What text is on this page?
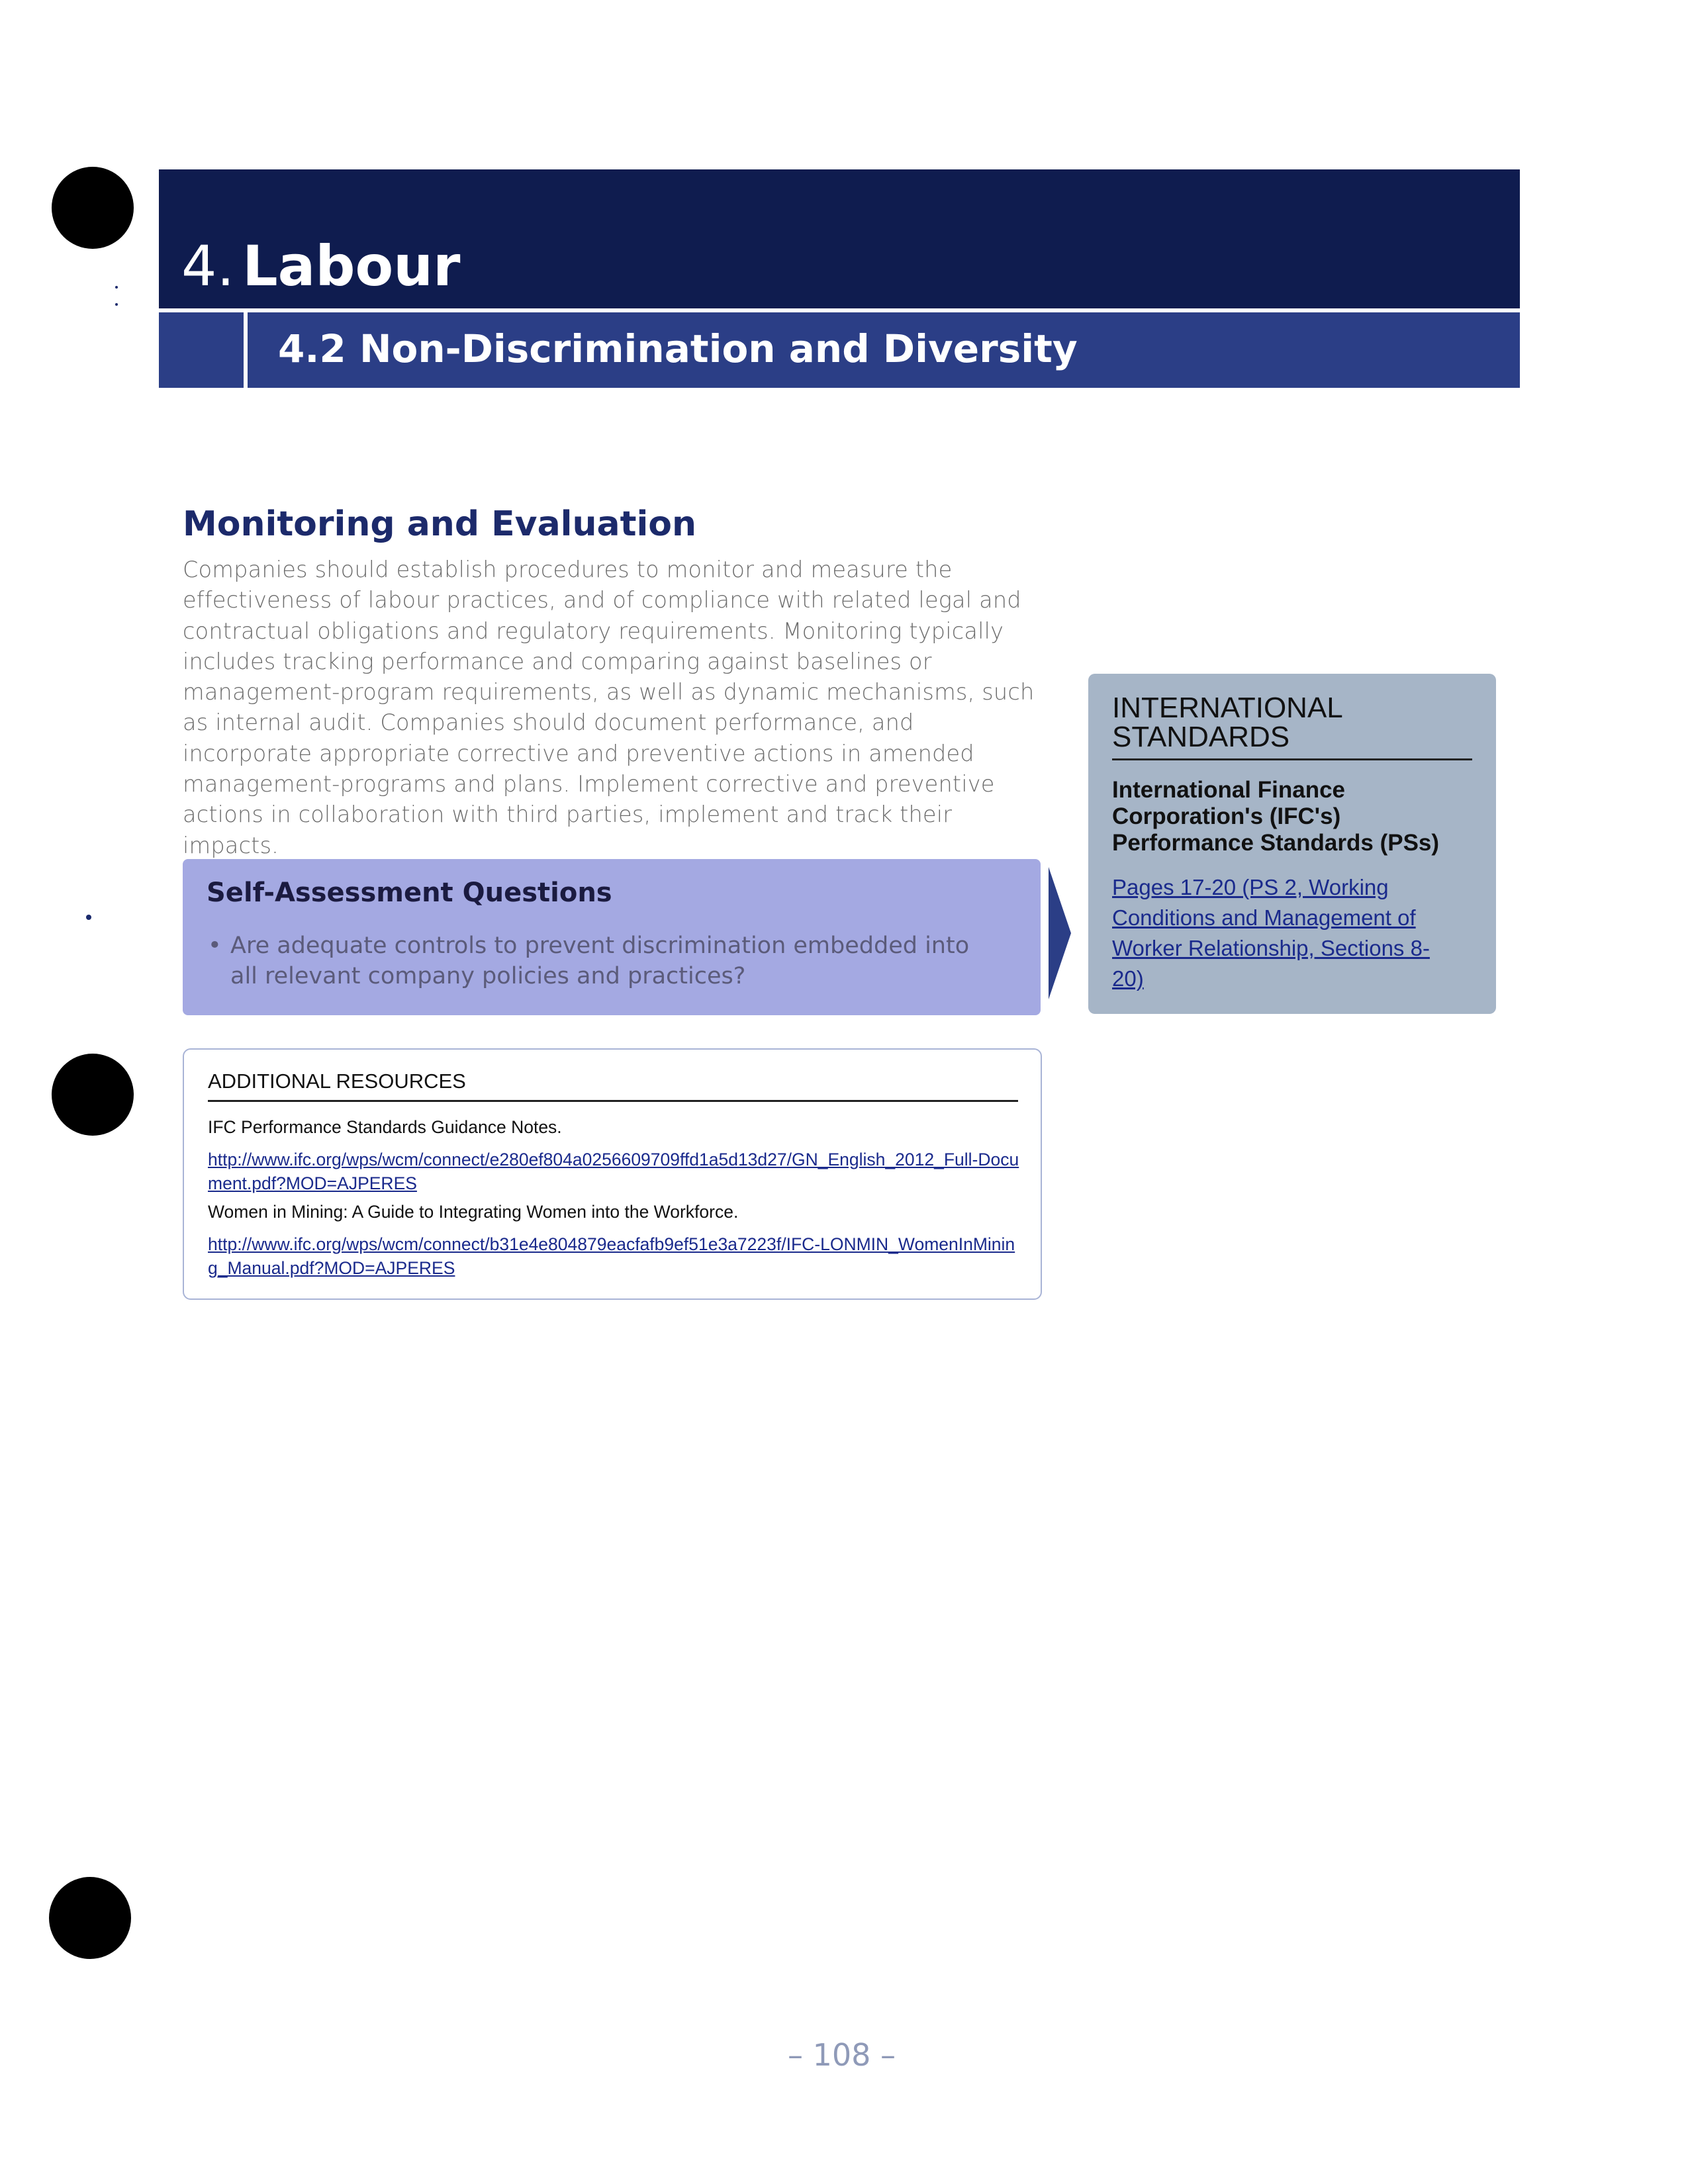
4. Labour
4.2 Non-Discrimination and Diversity
Monitoring and Evaluation
Companies should establish procedures to monitor and measure the effectiveness of labour practices, and of compliance with related legal and contractual obligations and regulatory requirements. Monitoring typically includes tracking performance and comparing against baselines or management-program requirements, as well as dynamic mechanisms, such as internal audit. Companies should document performance, and incorporate appropriate corrective and preventive actions in amended management-programs and plans. Implement corrective and preventive actions in collaboration with third parties, implement and track their impacts.
Self-Assessment Questions
• Are adequate controls to prevent discrimination embedded into all relevant company policies and practices?
ADDITIONAL RESOURCES
IFC Performance Standards Guidance Notes.
http://www.ifc.org/wps/wcm/connect/e280ef804a0256609709ffd1a5d13d27/GN_English_2012_Full-Document.pdf?MOD=AJPERES
Women in Mining: A Guide to Integrating Women into the Workforce.
http://www.ifc.org/wps/wcm/connect/b31e4e804879eacfafb9ef51e3a7223f/IFC-LONMIN_WomenInMining_Manual.pdf?MOD=AJPERES
INTERNATIONAL STANDARDS
International Finance Corporation's (IFC's) Performance Standards (PSs)
Pages 17-20 (PS 2, Working Conditions and Management of Worker Relationship, Sections 8-20)
– 108 –
